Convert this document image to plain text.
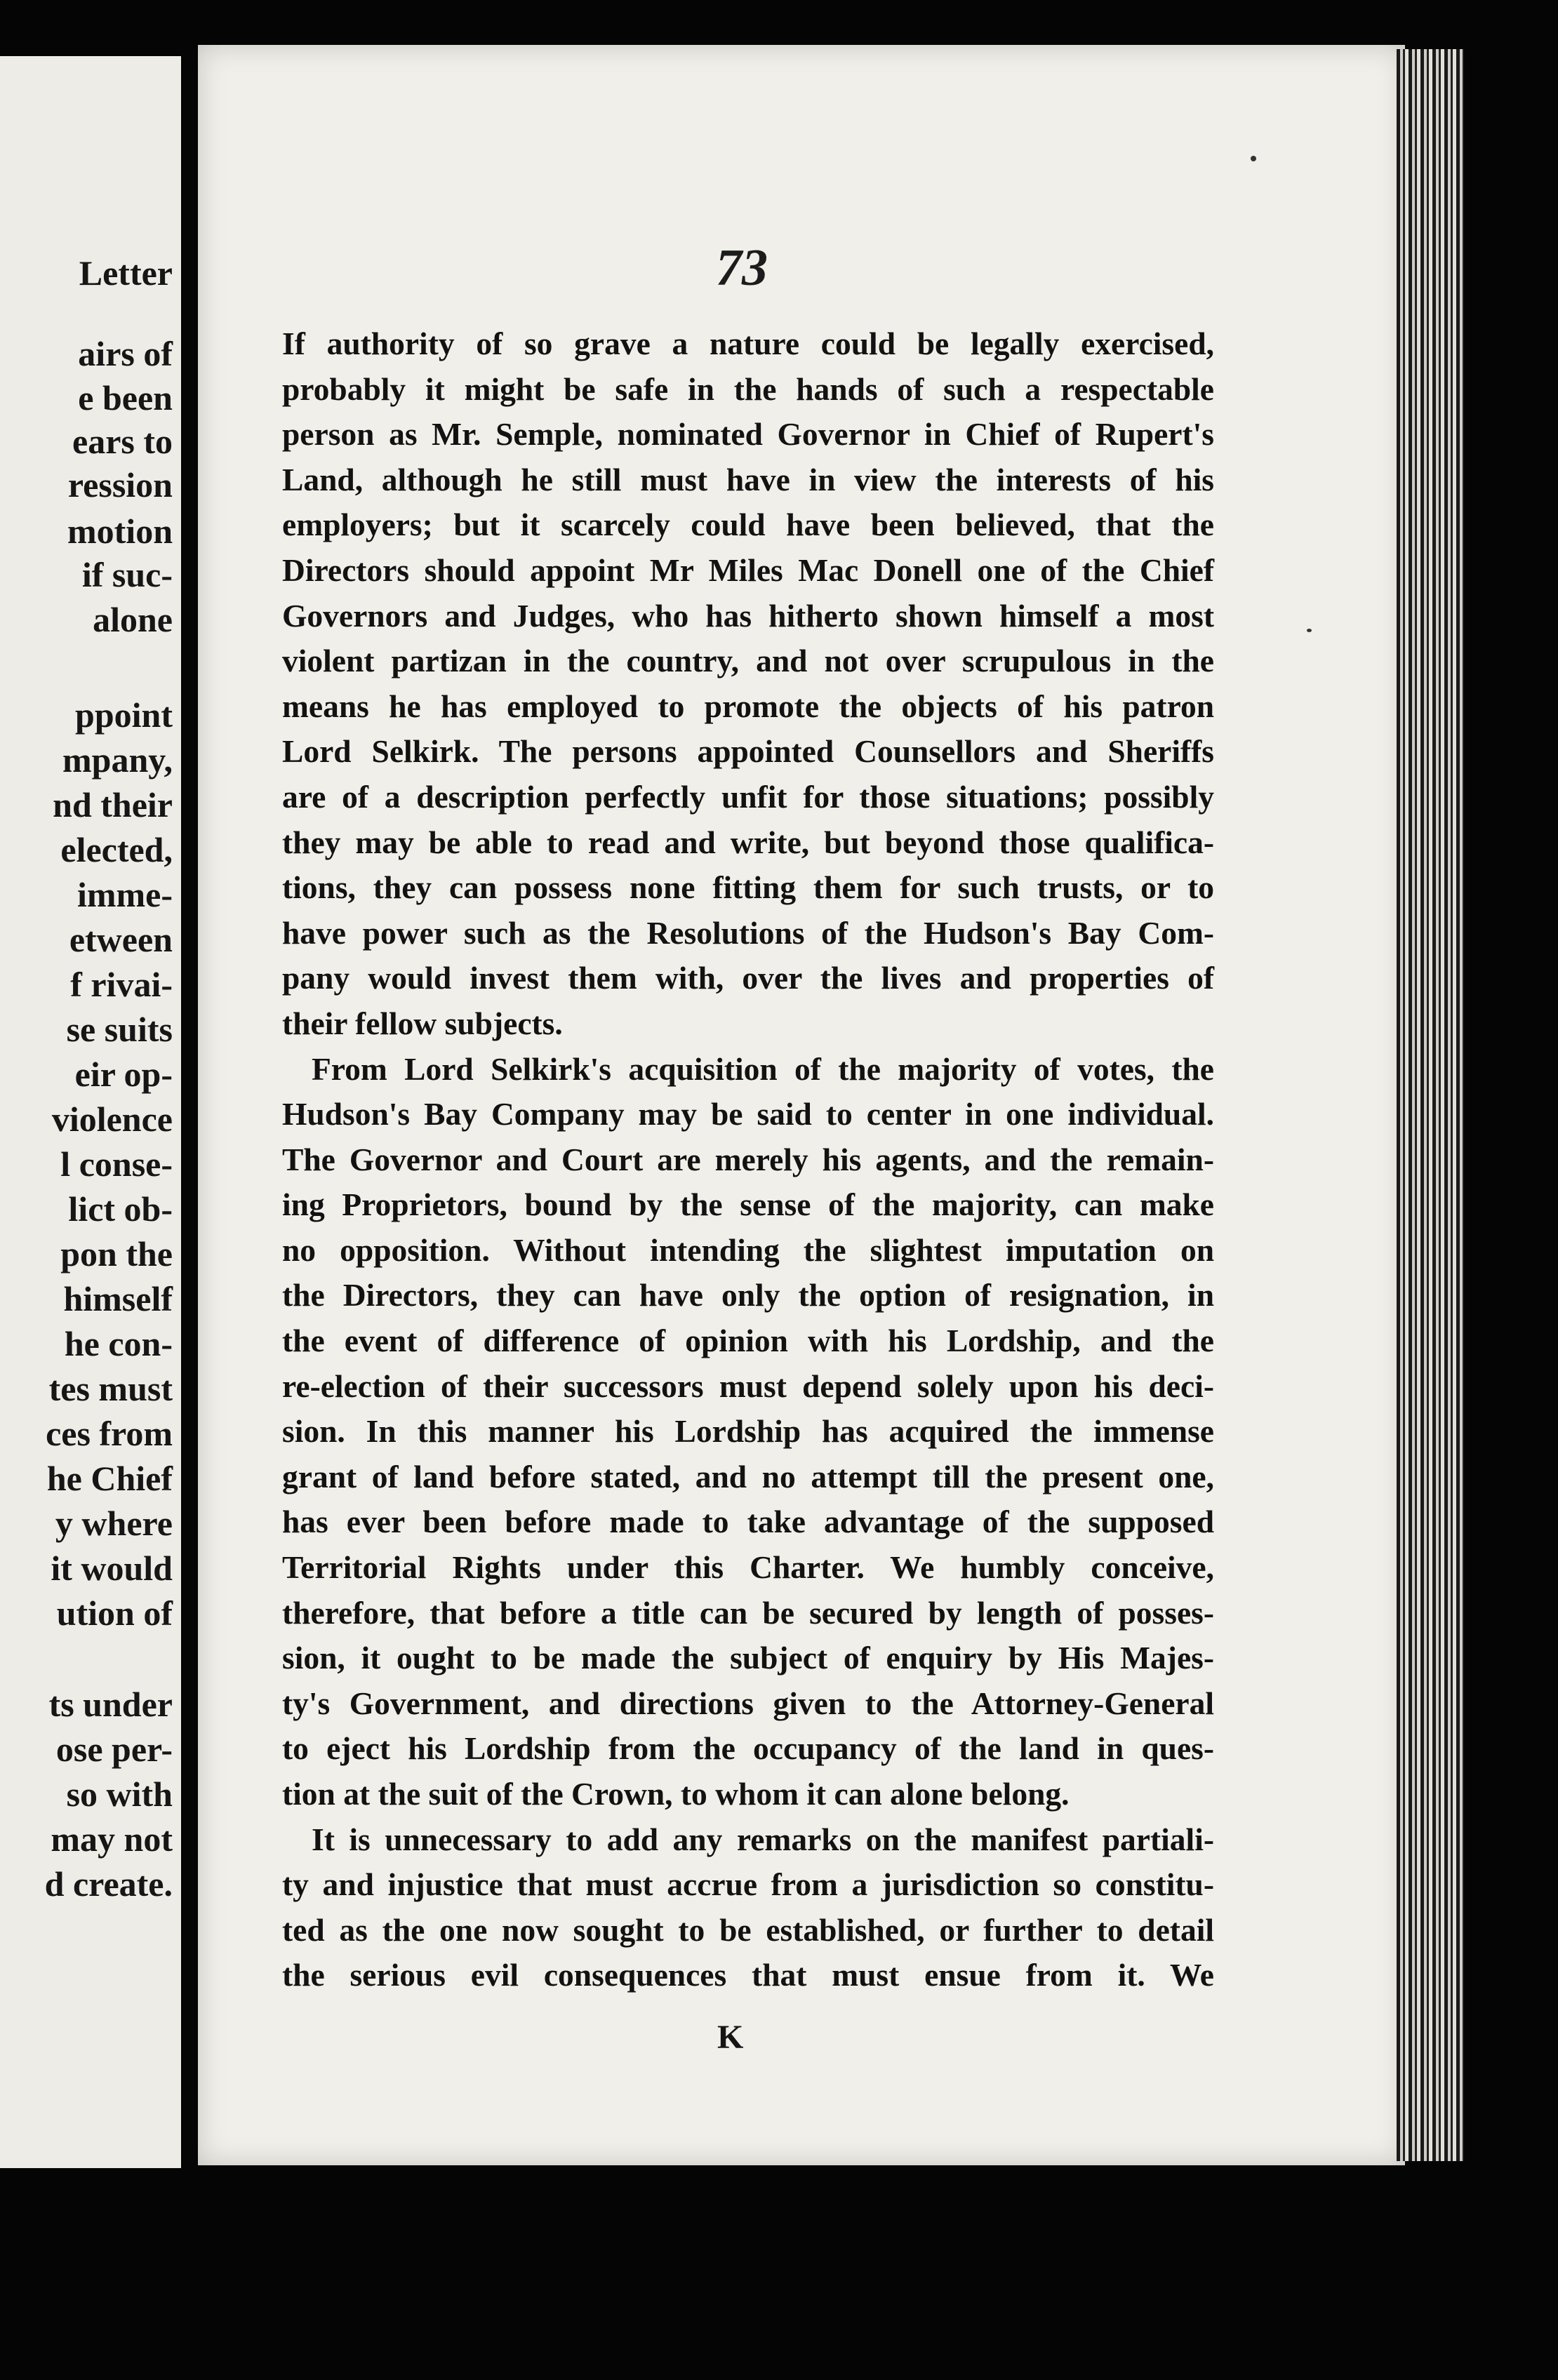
Letter
airs of
e been
ears to
ression
motion
if suc-
alone
ppoint
mpany,
nd their
elected,
imme-
etween
f rivai-
se suits
eir op-
violence
l conse-
lict ob-
pon the
himself
he con-
tes must
ces from
he Chief
y where
it would
ution of
ts under
ose per-
so with
may not
d create.
73
If authority of so grave a nature could be legally exercised,
probably it might be safe in the hands of such a respectable
person as Mr. Semple, nominated Governor in Chief of Rupert's
Land, although he still must have in view the interests of his
employers; but it scarcely could have been believed, that the
Directors should appoint Mr Miles Mac Donell one of the Chief
Governors and Judges, who has hitherto shown himself a most
violent partizan in the country, and not over scrupulous in the
means he has employed to promote the objects of his patron
Lord Selkirk. The persons appointed Counsellors and Sheriffs
are of a description perfectly unfit for those situations; possibly
they may be able to read and write, but beyond those qualifica-
tions, they can possess none fitting them for such trusts, or to
have power such as the Resolutions of the Hudson's Bay Com-
pany would invest them with, over the lives and properties of
their fellow subjects.
From Lord Selkirk's acquisition of the majority of votes, the
Hudson's Bay Company may be said to center in one individual.
The Governor and Court are merely his agents, and the remain-
ing Proprietors, bound by the sense of the majority, can make
no opposition. Without intending the slightest imputation on
the Directors, they can have only the option of resignation, in
the event of difference of opinion with his Lordship, and the
re-election of their successors must depend solely upon his deci-
sion. In this manner his Lordship has acquired the immense
grant of land before stated, and no attempt till the present one,
has ever been before made to take advantage of the supposed
Territorial Rights under this Charter. We humbly conceive,
therefore, that before a title can be secured by length of posses-
sion, it ought to be made the subject of enquiry by His Majes-
ty's Government, and directions given to the Attorney-General
to eject his Lordship from the occupancy of the land in ques-
tion at the suit of the Crown, to whom it can alone belong.
It is unnecessary to add any remarks on the manifest partiali-
ty and injustice that must accrue from a jurisdiction so constitu-
ted as the one now sought to be established, or further to detail
the serious evil consequences that must ensue from it. We
K
